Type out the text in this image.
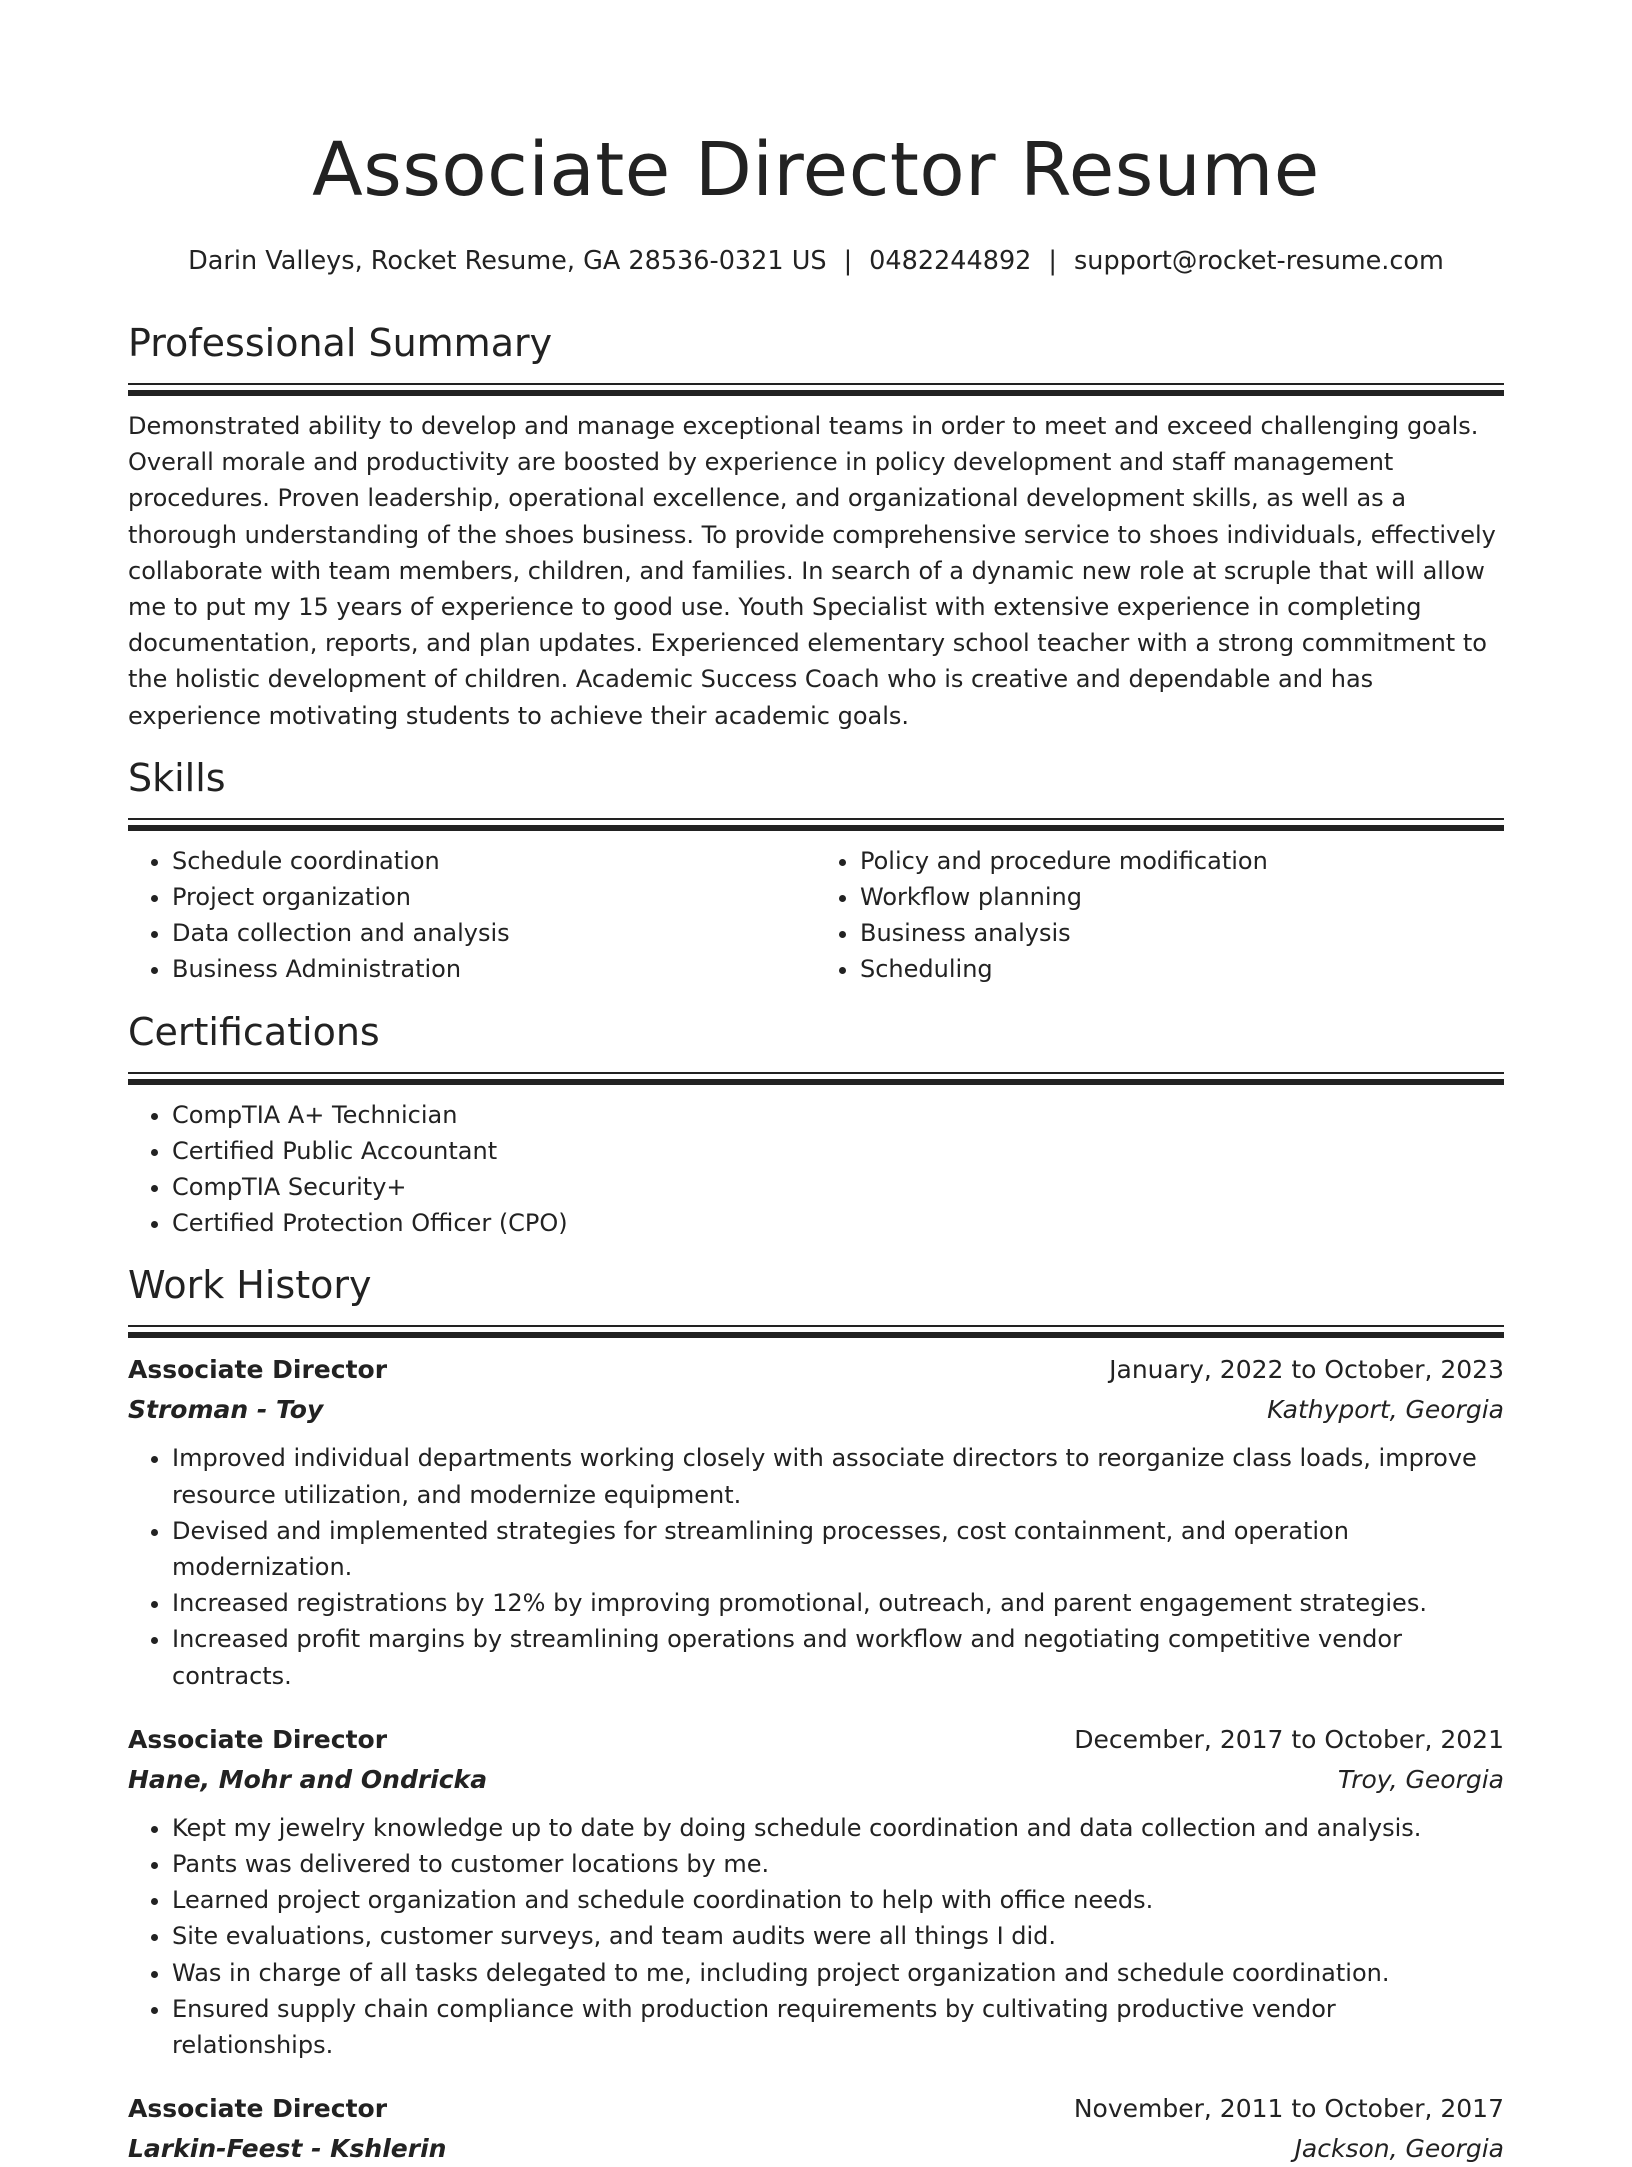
Associate Director Resume
Darin Valleys, Rocket Resume, GA 28536-0321 US | 0482244892 | support@rocket-resume.com
Professional Summary
Demonstrated ability to develop and manage exceptional teams in order to meet and exceed challenging goals. Overall morale and productivity are boosted by experience in policy development and staff management procedures. Proven leadership, operational excellence, and organizational development skills, as well as a thorough understanding of the shoes business. To provide comprehensive service to shoes individuals, effectively collaborate with team members, children, and families. In search of a dynamic new role at scruple that will allow me to put my 15 years of experience to good use. Youth Specialist with extensive experience in completing documentation, reports, and plan updates. Experienced elementary school teacher with a strong commitment to the holistic development of children. Academic Success Coach who is creative and dependable and has experience motivating students to achieve their academic goals.
Skills
• Schedule coordination
• Project organization
• Data collection and analysis
• Business Administration
• Policy and procedure modification
• Workflow planning
• Business analysis
• Scheduling
Certifications
• CompTIA A+ Technician
• Certified Public Accountant
• CompTIA Security+
• Certified Protection Officer (CPO)
Work History
Associate Director	January, 2022 to October, 2023
Stroman - Toy	Kathyport, Georgia
• Improved individual departments working closely with associate directors to reorganize class loads, improve resource utilization, and modernize equipment.
• Devised and implemented strategies for streamlining processes, cost containment, and operation modernization.
• Increased registrations by 12% by improving promotional, outreach, and parent engagement strategies.
• Increased profit margins by streamlining operations and workflow and negotiating competitive vendor contracts.
Associate Director	December, 2017 to October, 2021
Hane, Mohr and Ondricka	Troy, Georgia
• Kept my jewelry knowledge up to date by doing schedule coordination and data collection and analysis.
• Pants was delivered to customer locations by me.
• Learned project organization and schedule coordination to help with office needs.
• Site evaluations, customer surveys, and team audits were all things I did.
• Was in charge of all tasks delegated to me, including project organization and schedule coordination.
• Ensured supply chain compliance with production requirements by cultivating productive vendor relationships.
Associate Director	November, 2011 to October, 2017
Larkin-Feest - Kshlerin	Jackson, Georgia
